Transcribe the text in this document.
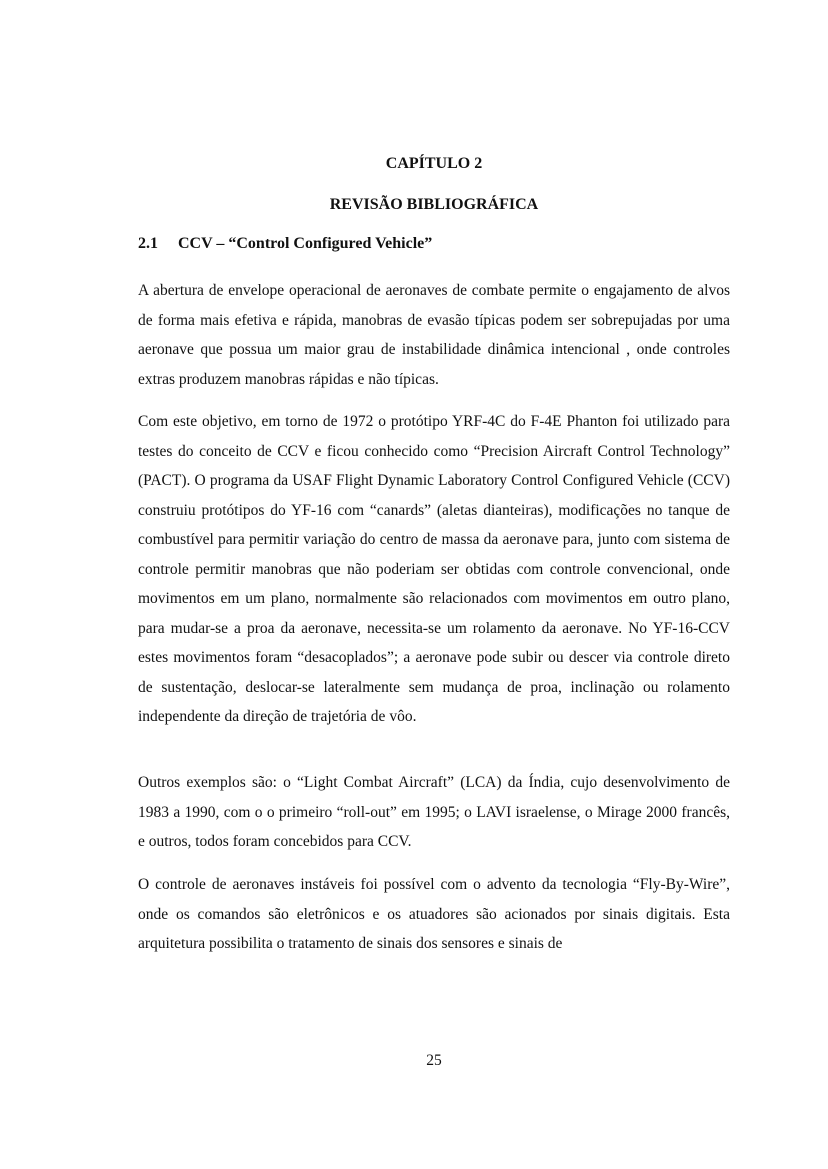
CAPÍTULO 2
REVISÃO BIBLIOGRÁFICA
2.1 CCV – “Control Configured Vehicle”

A abertura de envelope operacional de aeronaves de combate permite o engajamento de alvos de forma mais efetiva e rápida, manobras de evasão típicas podem ser sobrepujadas por uma aeronave que possua um maior grau de instabilidade dinâmica intencional , onde controles extras produzem manobras rápidas e não típicas.

Com este objetivo, em torno de 1972 o protótipo YRF-4C do F-4E Phanton foi utilizado para testes do conceito de CCV e ficou conhecido como “Precision Aircraft Control Technology” (PACT). O programa da USAF Flight Dynamic Laboratory Control Configured Vehicle (CCV) construiu protótipos do YF-16 com “canards” (aletas dianteiras), modificações no tanque de combustível para permitir variação do centro de massa da aeronave para, junto com sistema de controle permitir manobras que não poderiam ser obtidas com controle convencional, onde movimentos em um plano, normalmente são relacionados com movimentos em outro plano, para mudar-se a proa da aeronave, necessita-se um rolamento da aeronave. No YF-16-CCV estes movimentos foram “desacoplados”; a aeronave pode subir ou descer via controle direto de sustentação, deslocar-se lateralmente sem mudança de proa, inclinação ou rolamento independente da direção de trajetória de vôo.

Outros exemplos são: o “Light Combat Aircraft” (LCA) da Índia, cujo desenvolvimento de 1983 a 1990, com o o primeiro “roll-out” em 1995; o LAVI israelense, o Mirage 2000 francês, e outros, todos foram concebidos para CCV.

O controle de aeronaves instáveis foi possível com o advento da tecnologia “Fly-By-Wire”, onde os comandos são eletrônicos e os atuadores são acionados por sinais digitais. Esta arquitetura possibilita o tratamento de sinais dos sensores e sinais de

25
